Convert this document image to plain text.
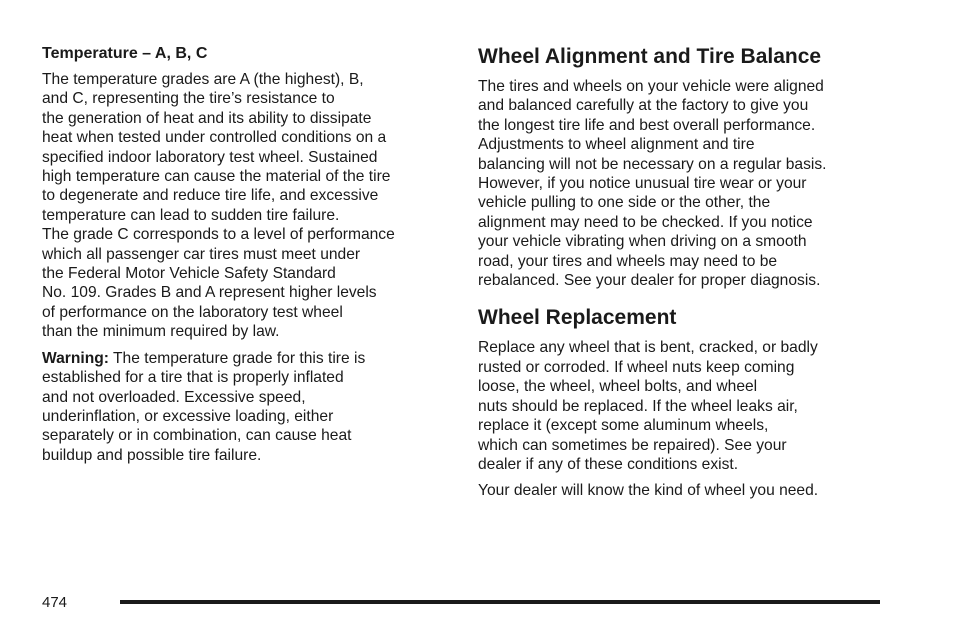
Temperature – A, B, C

The temperature grades are A (the highest), B,
and C, representing the tire’s resistance to
the generation of heat and its ability to dissipate
heat when tested under controlled conditions on a
specified indoor laboratory test wheel. Sustained
high temperature can cause the material of the tire
to degenerate and reduce tire life, and excessive
temperature can lead to sudden tire failure.

The grade C corresponds to a level of performance
which all passenger car tires must meet under
the Federal Motor Vehicle Safety Standard
No. 109. Grades B and A represent higher levels
of performance on the laboratory test wheel
than the minimum required by law.

Warning: The temperature grade for this tire is
established for a tire that is properly inflated
and not overloaded. Excessive speed,
underinflation, or excessive loading, either
separately or in combination, can cause heat
buildup and possible tire failure.

Wheel Alignment and Tire Balance

The tires and wheels on your vehicle were aligned
and balanced carefully at the factory to give you
the longest tire life and best overall performance.
Adjustments to wheel alignment and tire
balancing will not be necessary on a regular basis.
However, if you notice unusual tire wear or your
vehicle pulling to one side or the other, the
alignment may need to be checked. If you notice
your vehicle vibrating when driving on a smooth
road, your tires and wheels may need to be
rebalanced. See your dealer for proper diagnosis.

Wheel Replacement

Replace any wheel that is bent, cracked, or badly
rusted or corroded. If wheel nuts keep coming
loose, the wheel, wheel bolts, and wheel
nuts should be replaced. If the wheel leaks air,
replace it (except some aluminum wheels,
which can sometimes be repaired). See your
dealer if any of these conditions exist.

Your dealer will know the kind of wheel you need.

474
